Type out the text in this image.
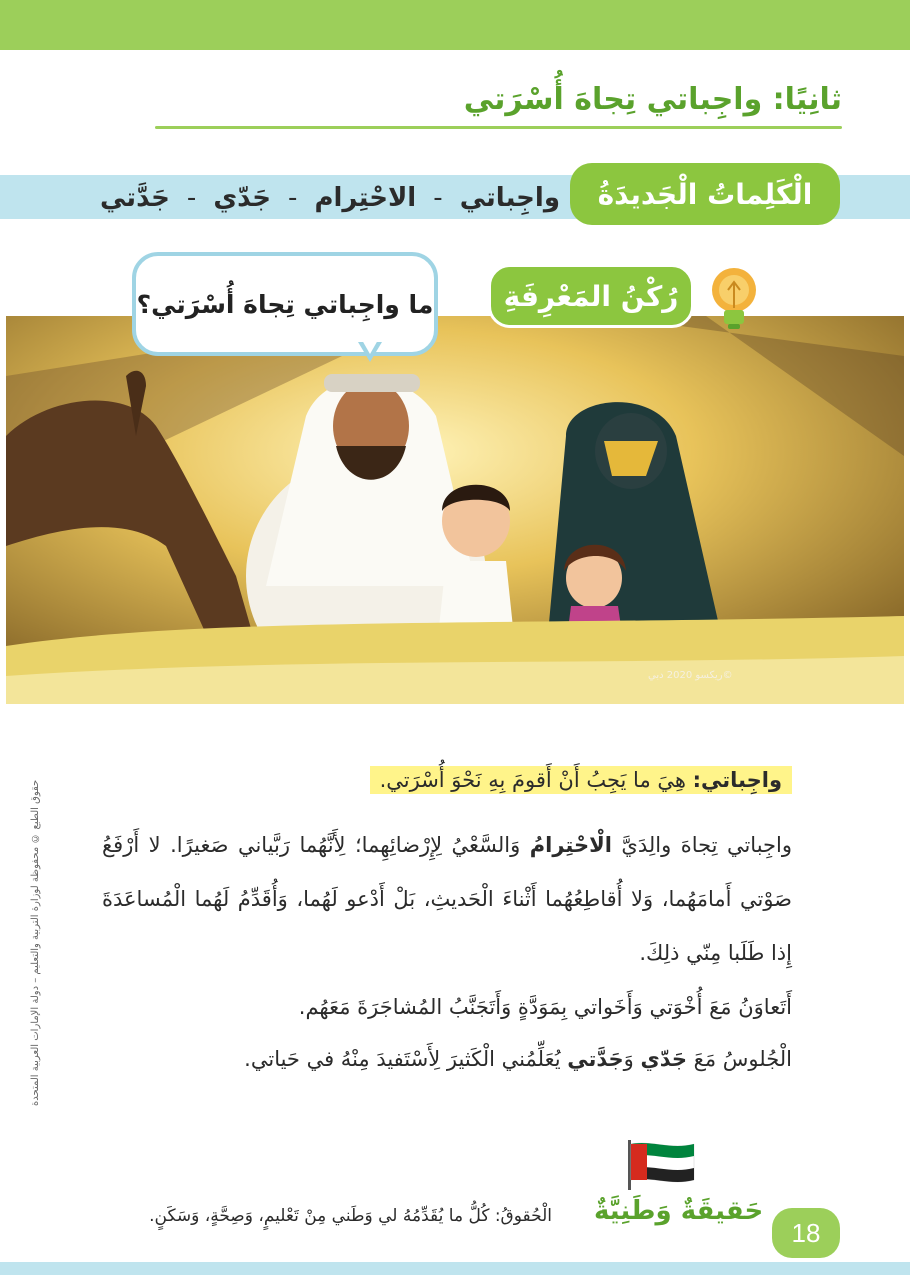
ثانِيًا: واجِباتي تِجاهَ أُسْرَتي
الْكَلِماتُ الْجَديدَةُ
واجِباتي
-
الاحْتِرام
-
جَدّي
-
جَدَّتي
©ريكسو 2020 دبي
ما واجِباتي تِجاهَ أُسْرَتي؟	رُكْنُ المَعْرِفَةِ
واجِباتي: هِيَ ما يَجِبُ أَنْ أَقومَ بِهِ نَحْوَ أُسْرَتي.
واجِباتي تِجاهَ والِدَيَّ الْاحْتِرامُ وَالسَّعْيُ لِإِرْضائِهِما؛ لِأَنَّهُما رَبَّياني صَغيرًا. لا أَرْفَعُ صَوْتي أَمامَهُما، وَلا أُقاطِعُهُما أَثْناءَ الْحَديثِ، بَلْ أَدْعو لَهُما، وَأُقَدِّمُ لَهُما الْمُساعَدَةَ إِذا طَلَبا مِنّي ذلِكَ.
أَتَعاوَنُ مَعَ أُخْوَتي وَأَخَواتي بِمَوَدَّةٍ وَأَتَجَنَّبُ المُشاجَرَةَ مَعَهُم.
الْجُلوسُ مَعَ جَدّي وَجَدَّتي يُعَلِّمُني الْكَثيرَ لِأَسْتَفيدَ مِنْهُ في حَياتي.
حقوق الطبع © محفوظة لوزارة التربية والتعليم – دولة الإمارات العربية المتحدة
حَقيقَةٌ وَطَنِيَّةٌ
الْحُقوقُ: كُلُّ ما يُقَدِّمُهُ لي وَطَني مِنْ تَعْليمٍ، وَصِحَّةٍ، وَسَكَنٍ.
18
